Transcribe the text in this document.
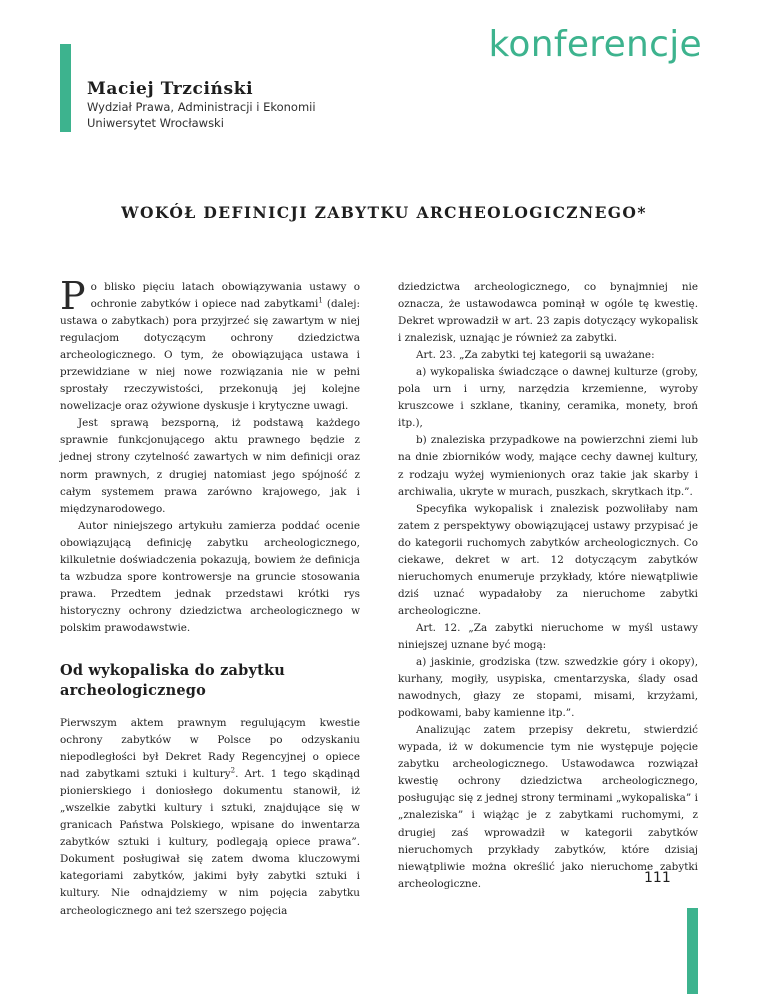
konferencje
Maciej Trzciński
Wydział Prawa, Administracji i Ekonomii
Uniwersytet Wrocławski
WOKÓŁ DEFINICJI ZABYTKU ARCHEOLOGICZNEGO*

Po blisko pięciu latach obowiązywania ustawy o ochronie zabytków i opiece nad zabytkami$^1$ (dalej: ustawa o zabytkach) pora przyjrzeć się zawartym w niej regulacjom dotyczącym ochrony dziedzictwa archeologicznego. O tym, że obowiązująca ustawa i przewidziane w niej nowe rozwiązania nie w pełni sprostały rzeczywistości, przekonują jej kolejne nowelizacje oraz ożywione dyskusje i krytyczne uwagi.

Jest sprawą bezsporną, iż podstawą każdego sprawnie funkcjonującego aktu prawnego będzie z jednej strony czytelność zawartych w nim definicji oraz norm prawnych, z drugiej natomiast jego spójność z całym systemem prawa zarówno krajowego, jak i międzynarodowego.

Autor niniejszego artykułu zamierza poddać ocenie obowiązującą definicję zabytku archeologicznego, kilkuletnie doświadczenia pokazują, bowiem że definicja ta wzbudza spore kontrowersje na gruncie stosowania prawa. Przedtem jednak przedstawi krótki rys historyczny ochrony dziedzictwa archeologicznego w polskim prawodawstwie.

Od wykopaliska do zabytku archeologicznego

Pierwszym aktem prawnym regulującym kwestie ochrony zabytków w Polsce po odzyskaniu niepodległości był Dekret Rady Regencyjnej o opiece nad zabytkami sztuki i kultury$^2$. Art. 1 tego skądinąd pionierskiego i doniosłego dokumentu stanowił, iż „wszelkie zabytki kultury i sztuki, znajdujące się w granicach Państwa Polskiego, wpisane do inwentarza zabytków sztuki i kultury, podlegają opiece prawa”. Dokument posługiwał się zatem dwoma kluczowymi kategoriami zabytków, jakimi były zabytki sztuki i kultury. Nie odnajdziemy w nim pojęcia zabytku archeologicznego ani też szerszego pojęcia

dziedzictwa archeologicznego, co bynajmniej nie oznacza, że ustawodawca pominął w ogóle tę kwestię. Dekret wprowadził w art. 23 zapis dotyczący wykopalisk i znalezisk, uznając je również za zabytki.

Art. 23. „Za zabytki tej kategorii są uważane:

a) wykopaliska świadczące o dawnej kulturze (groby, pola urn i urny, narzędzia krzemienne, wyroby kruszcowe i szklane, tkaniny, ceramika, monety, broń itp.),

b) znaleziska przypadkowe na powierzchni ziemi lub na dnie zbiorników wody, mające cechy dawnej kultury, z rodzaju wyżej wymienionych oraz takie jak skarby i archiwalia, ukryte w murach, puszkach, skrytkach itp.”.

Specyfika wykopalisk i znalezisk pozwoliłaby nam zatem z perspektywy obowiązującej ustawy przypisać je do kategorii ruchomych zabytków archeologicznych. Co ciekawe, dekret w art. 12 dotyczącym zabytków nieruchomych enumeruje przykłady, które niewątpliwie dziś uznać wypadałoby za nieruchome zabytki archeologiczne.

Art. 12. „Za zabytki nieruchome w myśl ustawy niniejszej uznane być mogą:

a) jaskinie, grodziska (tzw. szwedzkie góry i okopy), kurhany, mogiły, usypiska, cmentarzyska, ślady osad nawodnych, głazy ze stopami, misami, krzyżami, podkowami, baby kamienne itp.”.

Analizując zatem przepisy dekretu, stwierdzić wypada, iż w dokumencie tym nie występuje pojęcie zabytku archeologicznego. Ustawodawca rozwiązał kwestię ochrony dziedzictwa archeologicznego, posługując się z jednej strony terminami „wykopaliska” i „znaleziska” i wiążąc je z zabytkami ruchomymi, z drugiej zaś wprowadził w kategorii zabytków nieruchomych przykłady zabytków, które dzisiaj niewątpliwie można określić jako nieruchome zabytki archeologiczne.	111
